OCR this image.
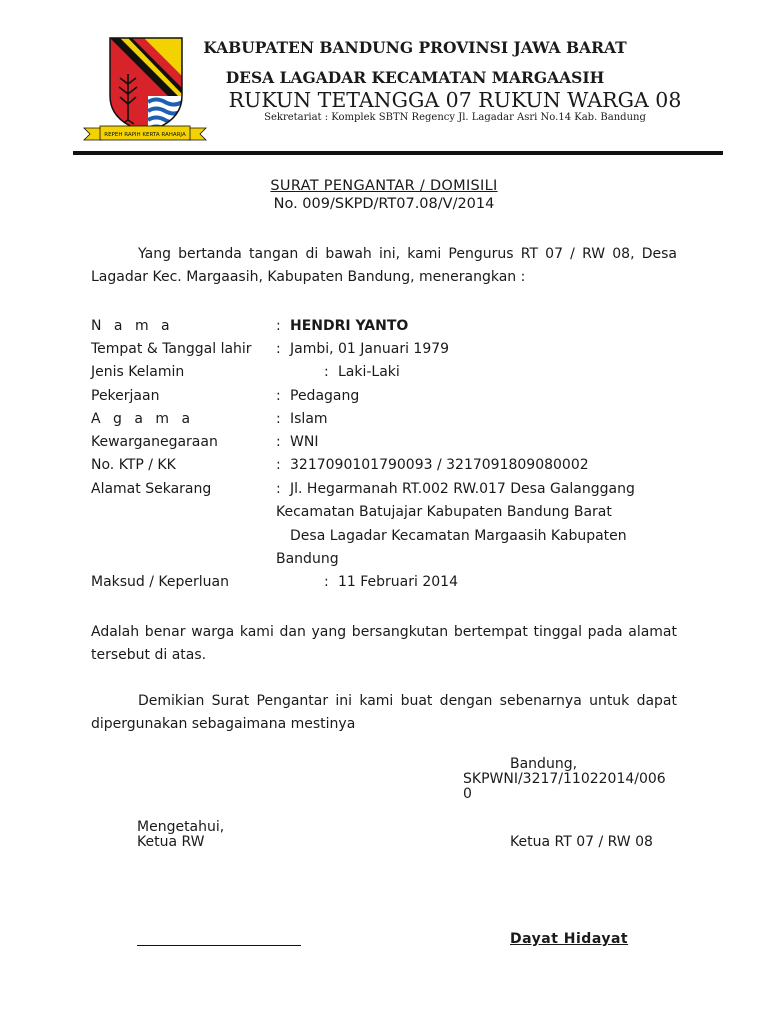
REPEH RAPIH KERTA RAHARJA
KABUPATEN BANDUNG PROVINSI JAWA BARAT
DESA LAGADAR KECAMATAN MARGAASIH
RUKUN TETANGGA 07 RUKUN WARGA 08
Sekretariat : Komplek SBTN Regency Jl. Lagadar Asri No.14 Kab. Bandung
SURAT PENGANTAR / DOMISILI
No. 009/SKPD/RT07.08/V/2014
Yang bertanda tangan di bawah ini, kami Pengurus RT 07 / RW 08, Desa Lagadar Kec. Margaasih, Kabupaten Bandung, menerangkan :
N a m a	: HENDRI YANTO
Tempat & Tanggal lahir : Jambi, 01 Januari 1979
Jenis Kelamin	: Laki-Laki
Pekerjaan	: Pedagang
A g a m a	: Islam
Kewarganegaraan	: WNI
No. KTP / KK	: 3217090101790093 / 3217091809080002
Alamat Sekarang	: Jl. Hegarmanah RT.002 RW.017 Desa Galanggang
Kecamatan Batujajar Kabupaten Bandung Barat
Desa Lagadar Kecamatan Margaasih Kabupaten
Bandung
Maksud / Keperluan	: 11 Februari 2014
Adalah benar warga kami dan yang bersangkutan bertempat tinggal pada alamat tersebut di atas.
Demikian Surat Pengantar ini kami buat dengan sebenarnya untuk dapat dipergunakan sebagaimana mestinya
Bandung,
SKPWNI/3217/11022014/006
0
Mengetahui,
Ketua RW	Ketua RT 07 / RW 08
Dayat Hidayat
